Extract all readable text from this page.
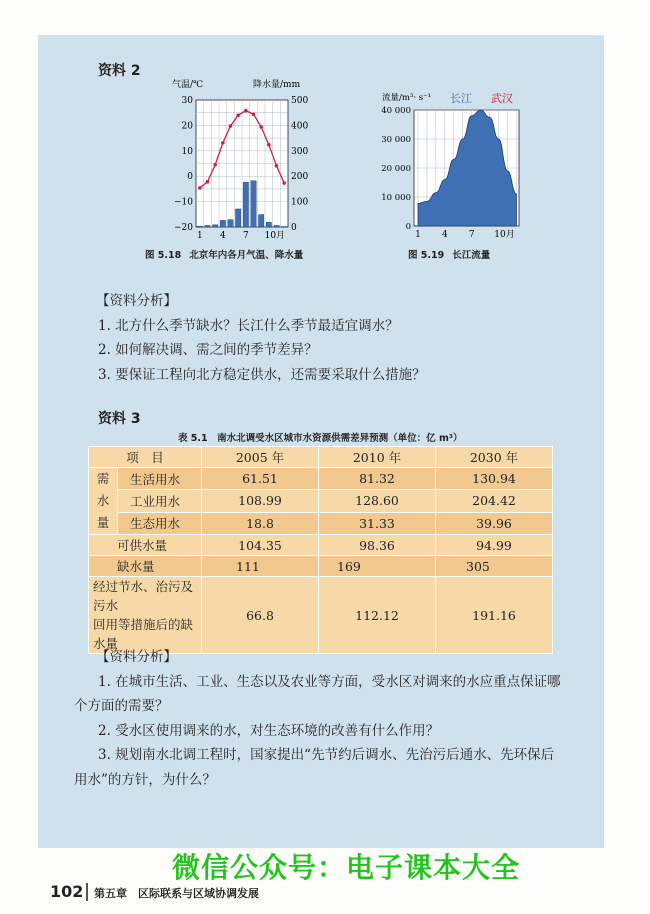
资料 2
气温/℃	降水量/mm
30
20
10
0
−10
−20
500
400
300
200
100
0
1 4 7 10月
图 5.18 北京年内各月气温、降水量
流量/m³· s⁻¹ 长江 武汉
40 000
30 000
20 000
10 000
0
1 4 7 10月
图 5.19 长江流量

【资料分析】

1. 北方什么季节缺水？长江什么季节最适宜调水？

2. 如何解决调、需之间的季节差异？

3. 要保证工程向北方稳定供水，还需要采取什么措施？

资料 3
表 5.1　南水北调受水区城市水资源供需差异预测（单位：亿 m³）
项　目		2005 年	2010 年	2030 年
需
水
量	生活用水	61.51	81.32	130.94
	工业用水	108.99	128.60	204.42
	生态用水	18.8	31.33	39.96
可供水量		104.35	98.36	94.99
缺水量		111	169	305
经过节水、治污及污水
回用等措施后的缺水量		66.8	112.12	191.16

【资料分析】

1. 在城市生活、工业、生态以及农业等方面，受水区对调来的水应重点保证哪

个方面的需要？

2. 受水区使用调来的水，对生态环境的改善有什么作用？

3. 规划南水北调工程时，国家提出“先节约后调水、先治污后通水、先环保后

用水”的方针，为什么？

微信公众号：电子课本大全
102 第五章　区际联系与区域协调发展
